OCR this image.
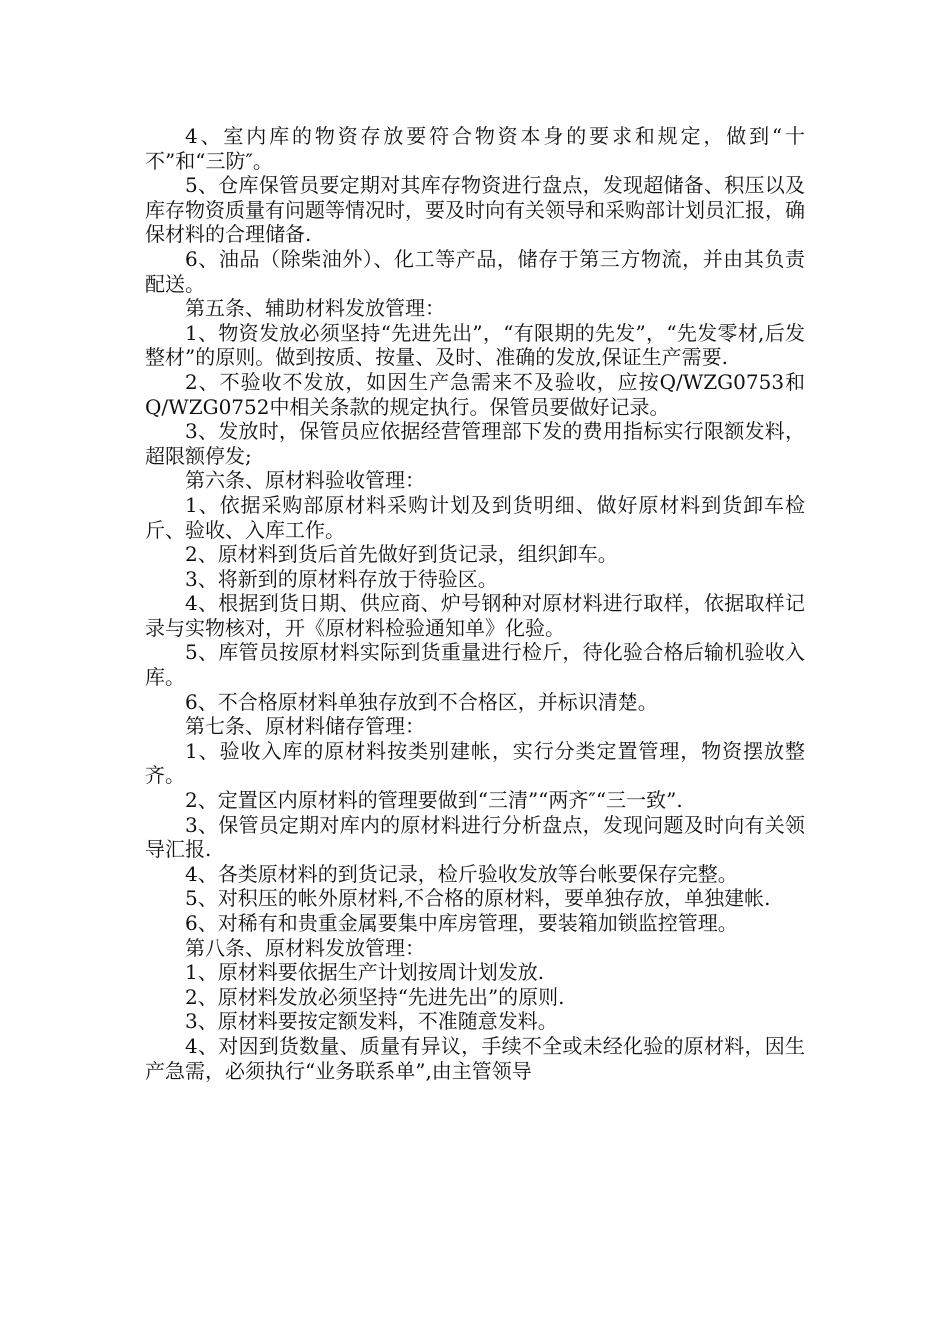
4、室内库的物资存放要符合物资本身的要求和规定，做到“十不”和“三防″。

5、仓库保管员要定期对其库存物资进行盘点，发现超储备、积压以及库存物资质量有问题等情况时，要及时向有关领导和采购部计划员汇报，确保材料的合理储备.

6、油品（除柴油外）、化工等产品，储存于第三方物流，并由其负责配送。

第五条、辅助材料发放管理：

1、物资发放必须坚持“先进先出”，“有限期的先发”，“先发零材,后发整材”的原则。做到按质、按量、及时、准确的发放,保证生产需要.

2、不验收不发放，如因生产急需来不及验收，应按Q/WZG0753和Q/WZG0752中相关条款的规定执行。保管员要做好记录。

3、发放时，保管员应依据经营管理部下发的费用指标实行限额发料，超限额停发;

第六条、原材料验收管理：

1、依据采购部原材料采购计划及到货明细、做好原材料到货卸车检斤、验收、入库工作。

2、原材料到货后首先做好到货记录，组织卸车。

3、将新到的原材料存放于待验区。

4、根据到货日期、供应商、炉号钢种对原材料进行取样，依据取样记录与实物核对，开《原材料检验通知单》化验。

5、库管员按原材料实际到货重量进行检斤，待化验合格后输机验收入库。

6、不合格原材料单独存放到不合格区，并标识清楚。

第七条、原材料储存管理：

1、验收入库的原材料按类别建帐，实行分类定置管理，物资摆放整齐。

2、定置区内原材料的管理要做到“三清”“两齐″“三一致”.

3、保管员定期对库内的原材料进行分析盘点，发现问题及时向有关领导汇报.

4、各类原材料的到货记录，检斤验收发放等台帐要保存完整。

5、对积压的帐外原材料,不合格的原材料，要单独存放，单独建帐.

6、对稀有和贵重金属要集中库房管理，要装箱加锁监控管理。

第八条、原材料发放管理：

1、原材料要依据生产计划按周计划发放.

2、原材料发放必须坚持“先进先出”的原则.

3、原材料要按定额发料，不准随意发料。

4、对因到货数量、质量有异议，手续不全或未经化验的原材料，因生产急需，必须执行“业务联系单”,由主管领导
